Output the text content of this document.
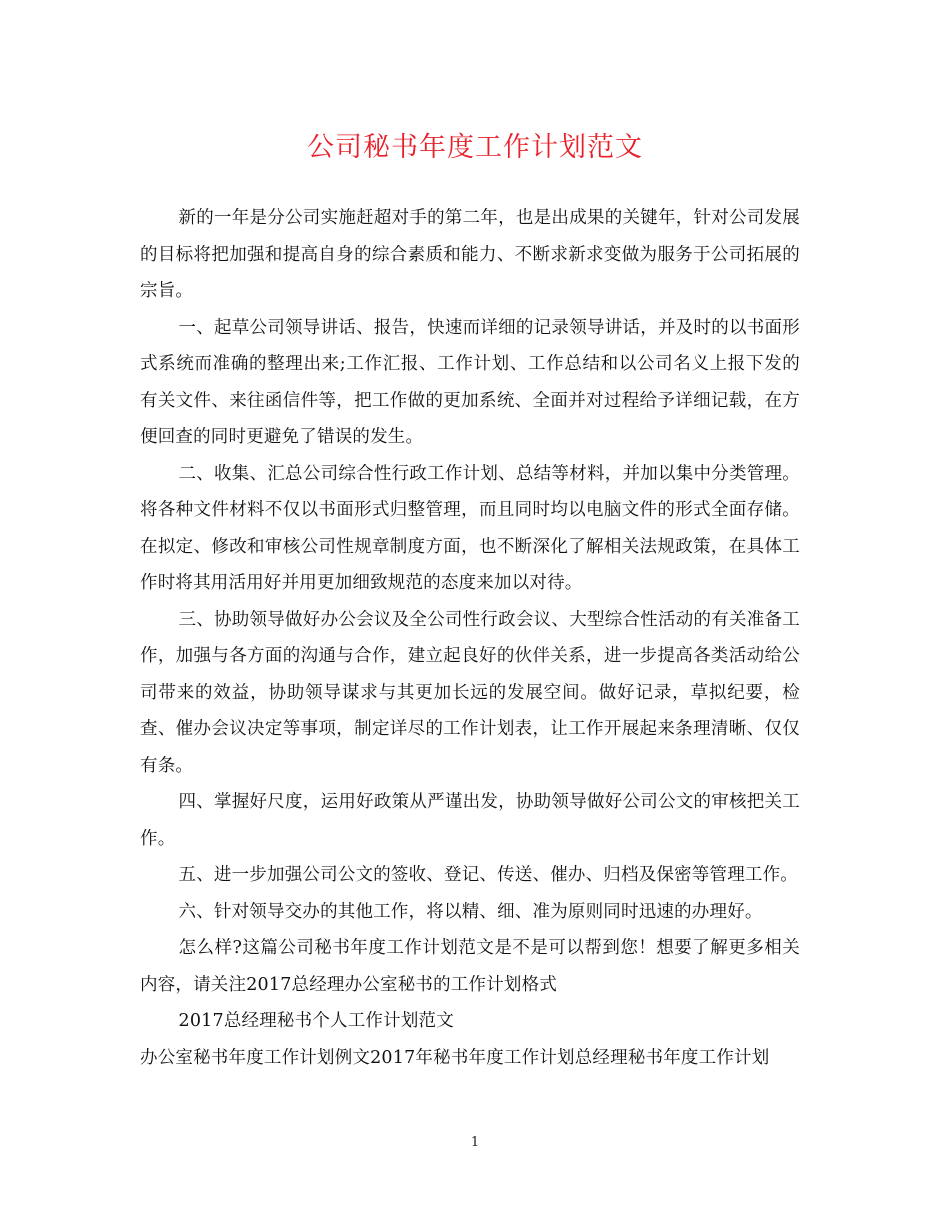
公司秘书年度工作计划范文

新的一年是分公司实施赶超对手的第二年，也是出成果的关键年，针对公司发展的目标将把加强和提高自身的综合素质和能力、不断求新求变做为服务于公司拓展的宗旨。

一、起草公司领导讲话、报告，快速而详细的记录领导讲话，并及时的以书面形式系统而准确的整理出来;工作汇报、工作计划、工作总结和以公司名义上报下发的有关文件、来往函信件等，把工作做的更加系统、全面并对过程给予详细记载，在方便回查的同时更避免了错误的发生。

二、收集、汇总公司综合性行政工作计划、总结等材料，并加以集中分类管理。将各种文件材料不仅以书面形式归整管理，而且同时均以电脑文件的形式全面存储。在拟定、修改和审核公司性规章制度方面，也不断深化了解相关法规政策，在具体工作时将其用活用好并用更加细致规范的态度来加以对待。

三、协助领导做好办公会议及全公司性行政会议、大型综合性活动的有关准备工作，加强与各方面的沟通与合作，建立起良好的伙伴关系，进一步提高各类活动给公司带来的效益，协助领导谋求与其更加长远的发展空间。做好记录，草拟纪要，检查、催办会议决定等事项，制定详尽的工作计划表，让工作开展起来条理清晰、仅仅有条。

四、掌握好尺度，运用好政策从严谨出发，协助领导做好公司公文的审核把关工作。

五、进一步加强公司公文的签收、登记、传送、催办、归档及保密等管理工作。

六、针对领导交办的其他工作，将以精、细、准为原则同时迅速的办理好。

怎么样?这篇公司秘书年度工作计划范文是不是可以帮到您！想要了解更多相关内容，请关注2017总经理办公室秘书的工作计划格式

2017总经理秘书个人工作计划范文

办公室秘书年度工作计划例文2017年秘书年度工作计划总经理秘书年度工作计划

1
